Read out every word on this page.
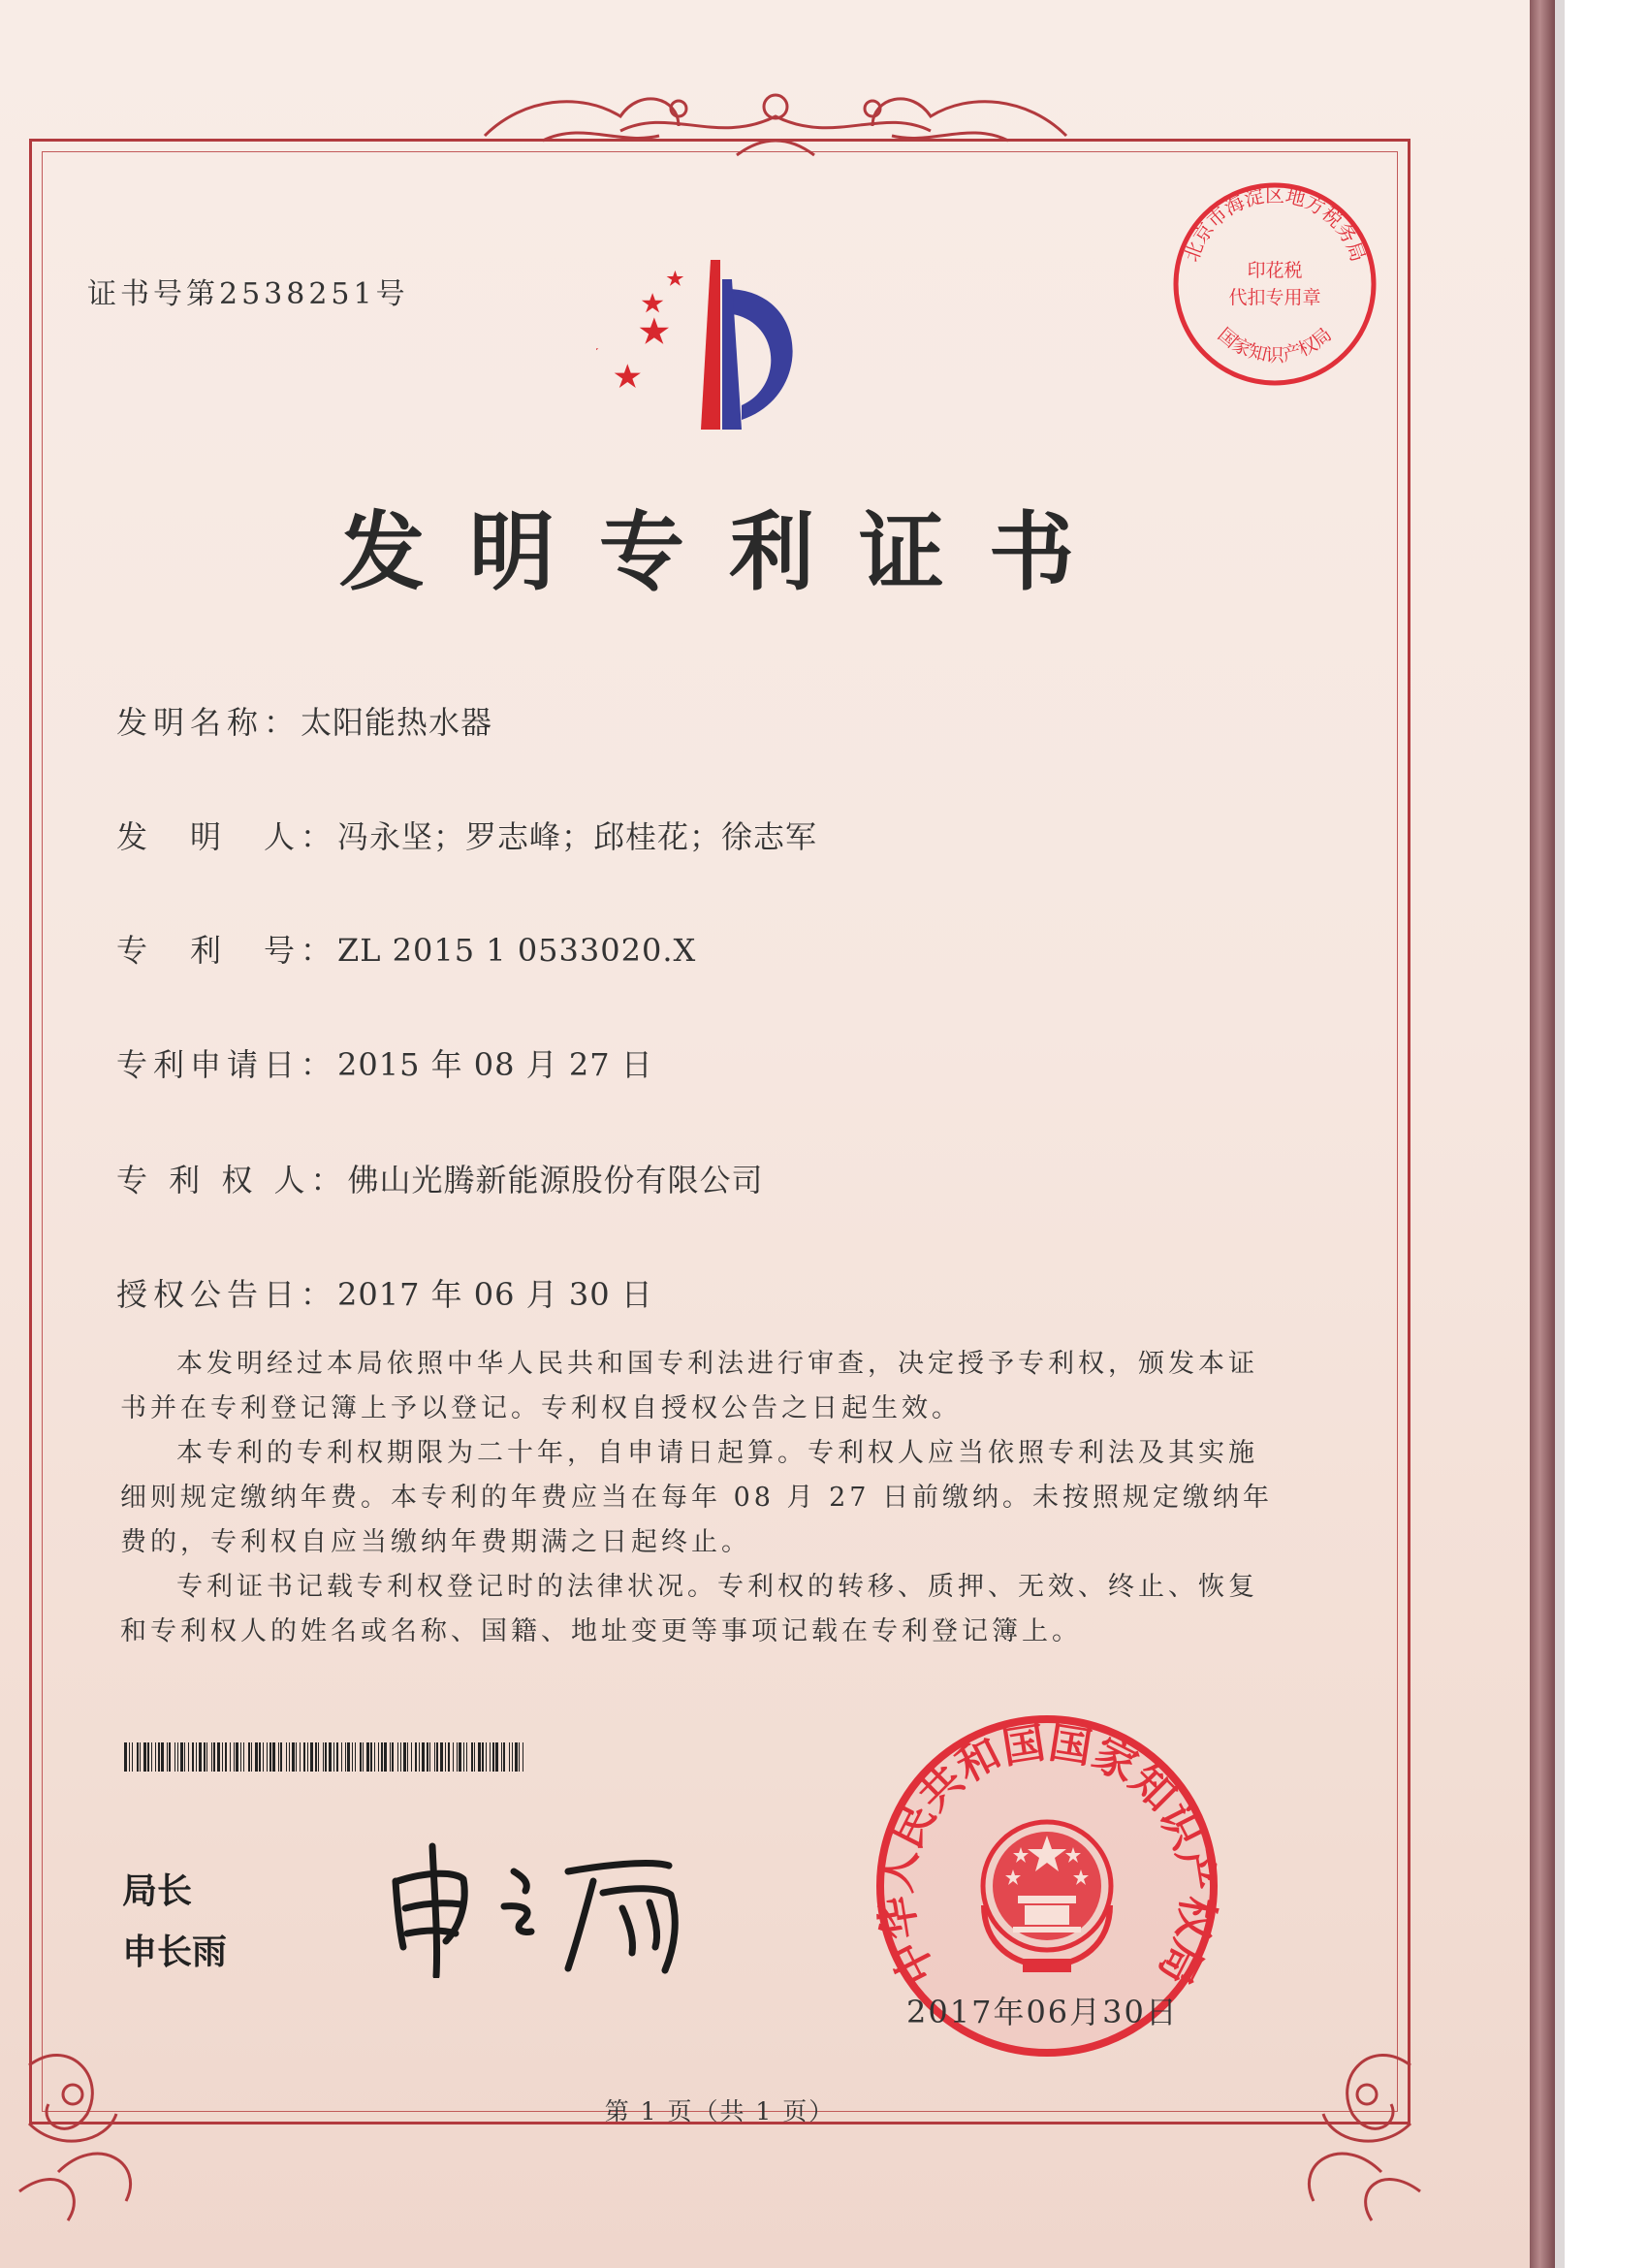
北京市海淀区地方税务局
国家知识产权局
印花税
代扣专用章
证书号第2538251号
发明专利证书
发明名称：太阳能热水器
发　明　人：冯永坚；罗志峰；邱桂花；徐志军
专　利　号：ZL 2015 1 0533020.X
专利申请日：2015 年 08 月 27 日
专 利 权 人：佛山光腾新能源股份有限公司
授权公告日：2017 年 06 月 30 日
本发明经过本局依照中华人民共和国专利法进行审查，决定授予专利权，颁发本证书并在专利登记簿上予以登记。专利权自授权公告之日起生效。
本专利的专利权期限为二十年，自申请日起算。专利权人应当依照专利法及其实施细则规定缴纳年费。本专利的年费应当在每年 08 月 27 日前缴纳。未按照规定缴纳年费的，专利权自应当缴纳年费期满之日起终止。
专利证书记载专利权登记时的法律状况。专利权的转移、质押、无效、终止、恢复和专利权人的姓名或名称、国籍、地址变更等事项记载在专利登记簿上。
局长
申长雨	中华人民共和国国家知识产权局
2017年06月30日
第 1 页（共 1 页）
